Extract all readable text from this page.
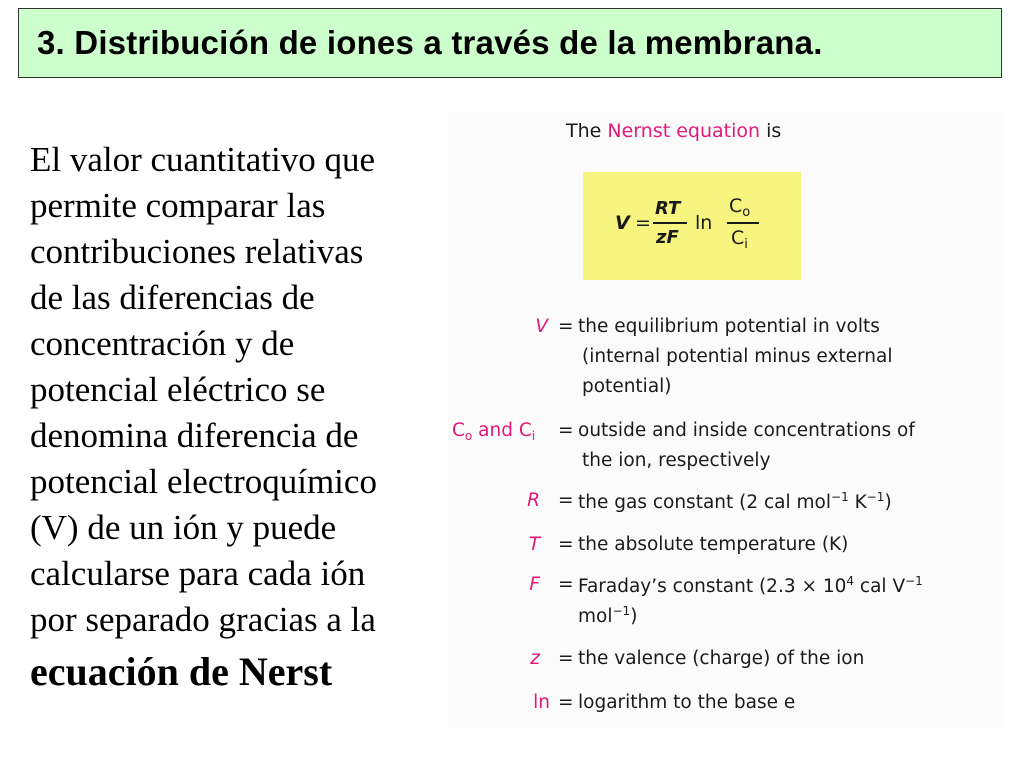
3. Distribución de iones a través de la membrana.
El valor cuantitativo que
permite comparar las
contribuciones relativas
de las diferencias de
concentración y de
potencial eléctrico se
denomina diferencia de
potencial electroquímico
(V) de un ión y puede
calcularse para cada ión
por separado gracias a la
ecuación de Nerst
The Nernst equation is
V =
RT
zF
ln
$C_o$
$C_i$
V = the equilibrium potential in volts
(internal potential minus external
potential)
$C_o$ and $C_i$	= outside and inside concentrations of
the ion, respectively
R = the gas constant (2 cal mol$^{-1}$ $K^{-1}$)
T = the absolute temperature (K)
F = Faraday’s constant ($2.3 \times 10^4$ cal $V^{-1}$
mol$^{-1}$)
z = the valence (charge) of the ion
ln = logarithm to the base e
